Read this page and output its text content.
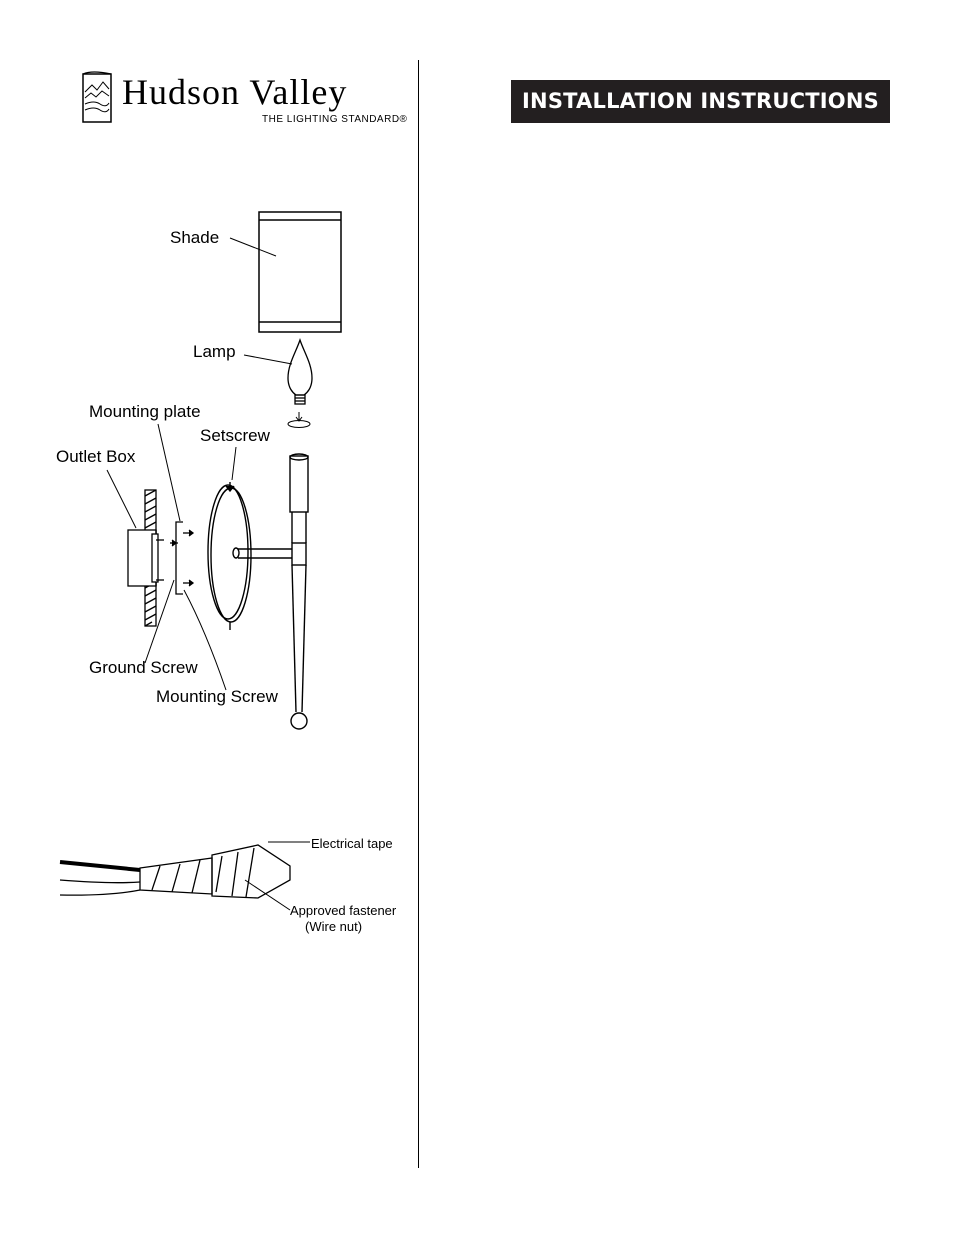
Hudson Valley
THE LIGHTING STANDARD®
INSTALLATION INSTRUCTIONS
Shade
Lamp
Mounting plate
Setscrew
Outlet Box
Ground Screw
Mounting Screw
Electrical tape
Approved fastener
(Wire nut)
